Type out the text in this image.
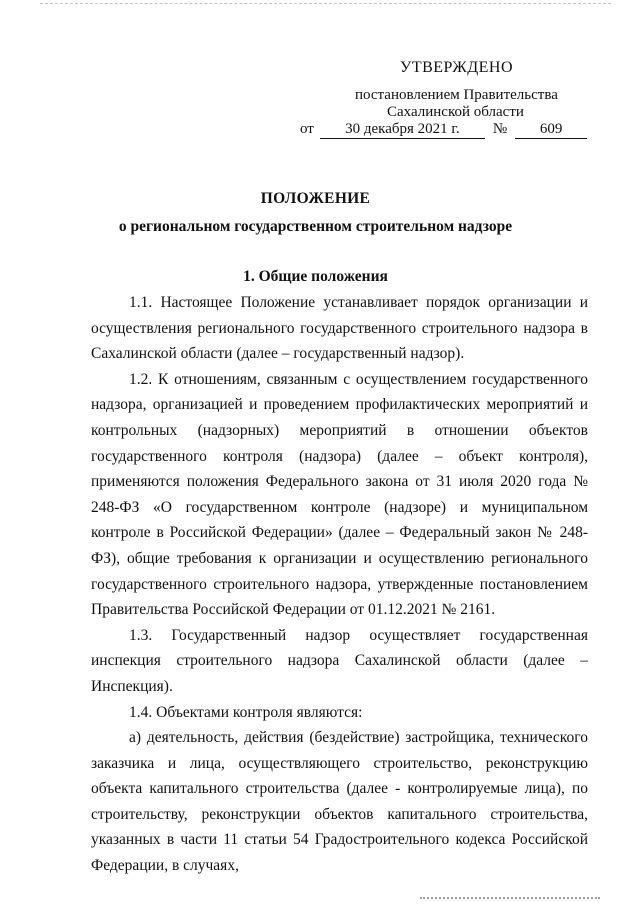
УТВЕРЖДЕНО
постановлением Правительства
Сахалинской области
от 30 декабря 2021 г. № 609
ПОЛОЖЕНИЕ
о региональном государственном строительном надзоре
1. Общие положения

1.1. Настоящее Положение устанавливает порядок организации и осуществления регионального государственного строительного надзора в Сахалинской области (далее – государственный надзор).

1.2. К отношениям, связанным с осуществлением государственного надзора, организацией и проведением профилактических мероприятий и контрольных (надзорных) мероприятий в отношении объектов государственного контроля (надзора) (далее – объект контроля), применяются положения Федерального закона от 31 июля 2020 года № 248-ФЗ «О государственном контроле (надзоре) и муниципальном контроле в Российской Федерации» (далее – Федеральный закон № 248-ФЗ), общие требования к организации и осуществлению регионального государственного строительного надзора, утвержденные постановлением Правительства Российской Федерации от 01.12.2021 № 2161.

1.3. Государственный надзор осуществляет государственная инспекция строительного надзора Сахалинской области (далее – Инспекция).

1.4. Объектами контроля являются:

а) деятельность, действия (бездействие) застройщика, технического заказчика и лица, осуществляющего строительство, реконструкцию объекта капитального строительства (далее - контролируемые лица), по строительству, реконструкции объектов капитального строительства, указанных в части 11 статьи 54 Градостроительного кодекса Российской Федерации, в случаях,
